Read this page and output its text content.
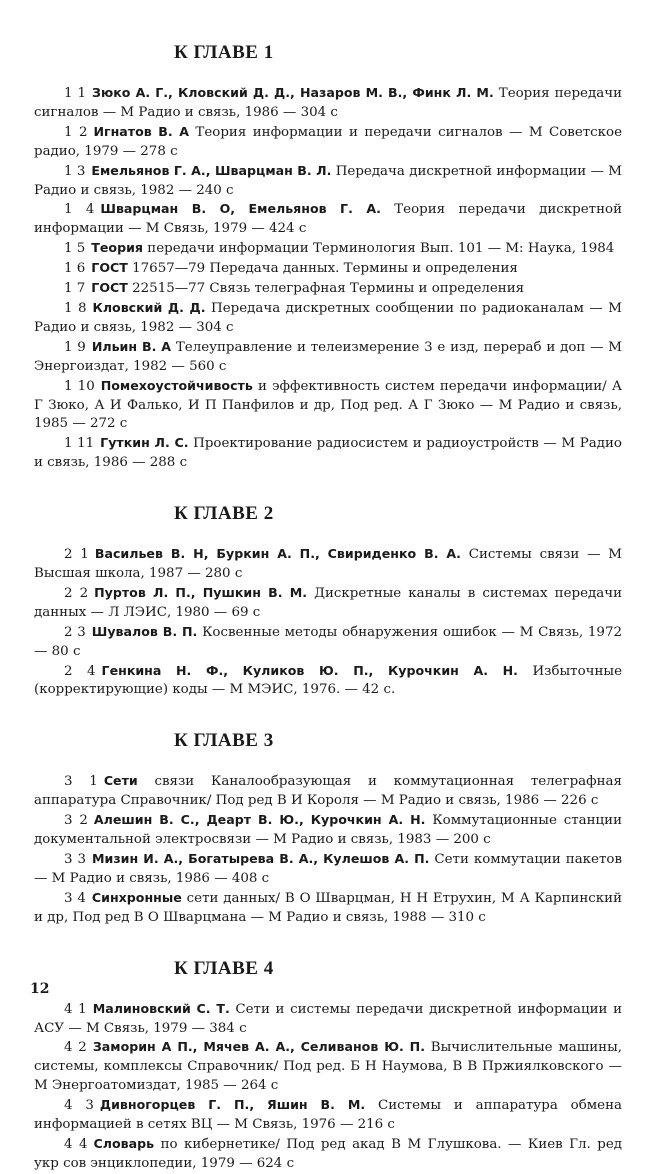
К ГЛАВЕ 1
1 1 Зюко А. Г., Кловский Д. Д., Назаров М. В., Финк Л. М. Теория передачи сигналов — М Радио и связь, 1986 — 304 с
1 2 Игнатов В. А Теория информации и передачи сигналов — М Советское радио, 1979 — 278 с
1 3 Емельянов Г. А., Шварцман В. Л. Передача дискретной информации — М Радио и связь, 1982 — 240 с
1 4 Шварцман В. О, Емельянов Г. А. Теория передачи дискретной информации — М Связь, 1979 — 424 с
1 5 Теория передачи информации Терминология Вып. 101 — М: Наука, 1984
1 6 ГОСТ 17657—79 Передача данных. Термины и определения
1 7 ГОСТ 22515—77 Связь телеграфная Термины и определения
1 8 Кловский Д. Д. Передача дискретных сообщении по радиоканалам — М Радио и связь, 1982 — 304 с
1 9 Ильин В. А Телеуправление и телеизмерение 3 е изд, перераб и доп — М Энергоиздат, 1982 — 560 с
1 10 Помехоустойчивость и эффективность систем передачи информации/ А Г Зюко, А И Фалько, И П Панфилов и др, Под ред. А Г Зюко — М Радио и связь, 1985 — 272 с
1 11 Гуткин Л. С. Проектирование радиосистем и радиоустройств — М Радио и связь, 1986 — 288 с
К ГЛАВЕ 2
2 1 Васильев В. Н, Буркин А. П., Свириденко В. А. Системы связи — М Высшая школа, 1987 — 280 с
2 2 Пуртов Л. П., Пушкин В. М. Дискретные каналы в системах передачи данных — Л ЛЭИС, 1980 — 69 с
2 3 Шувалов В. П. Косвенные методы обнаружения ошибок — М Связь, 1972 — 80 с
2 4 Генкина Н. Ф., Куликов Ю. П., Курочкин А. Н. Избыточные (корректирующие) коды — М МЭИС, 1976. — 42 с.
К ГЛАВЕ 3
3 1 Сети связи Каналообразующая и коммутационная телеграфная аппаратура Справочник/ Под ред В И Короля — М Радио и связь, 1986 — 226 с
3 2 Алешин В. С., Деарт В. Ю., Курочкин А. Н. Коммутационные станции документальной электросвязи — М Радио и связь, 1983 — 200 с
3 3 Мизин И. А., Богатырева В. А., Кулешов А. П. Сети коммутации пакетов — М Радио и связь, 1986 — 408 с
3 4 Синхронные сети данных/ В О Шварцман, Н Н Етрухин, М А Карпинский и др, Под ред В О Шварцмана — М Радио и связь, 1988 — 310 с
К ГЛАВЕ 4
4 1 Малиновский С. Т. Сети и системы передачи дискретной информации и АСУ — М Связь, 1979 — 384 с
4 2 Заморин А П., Мячев А. А., Селиванов Ю. П. Вычислительные машины, системы, комплексы Справочник/ Под ред. Б Н Наумова, В В Пржиялковского — М Энергоатомиздат, 1985 — 264 с
4 3 Дивногорцев Г. П., Яшин В. М. Системы и аппаратура обмена информацией в сетях ВЦ — М Связь, 1976 — 216 с
4 4 Словарь по кибернетике/ Под ред акад В М Глушкова. — Киев Гл. ред укр сов энциклопедии, 1979 — 624 с
12
